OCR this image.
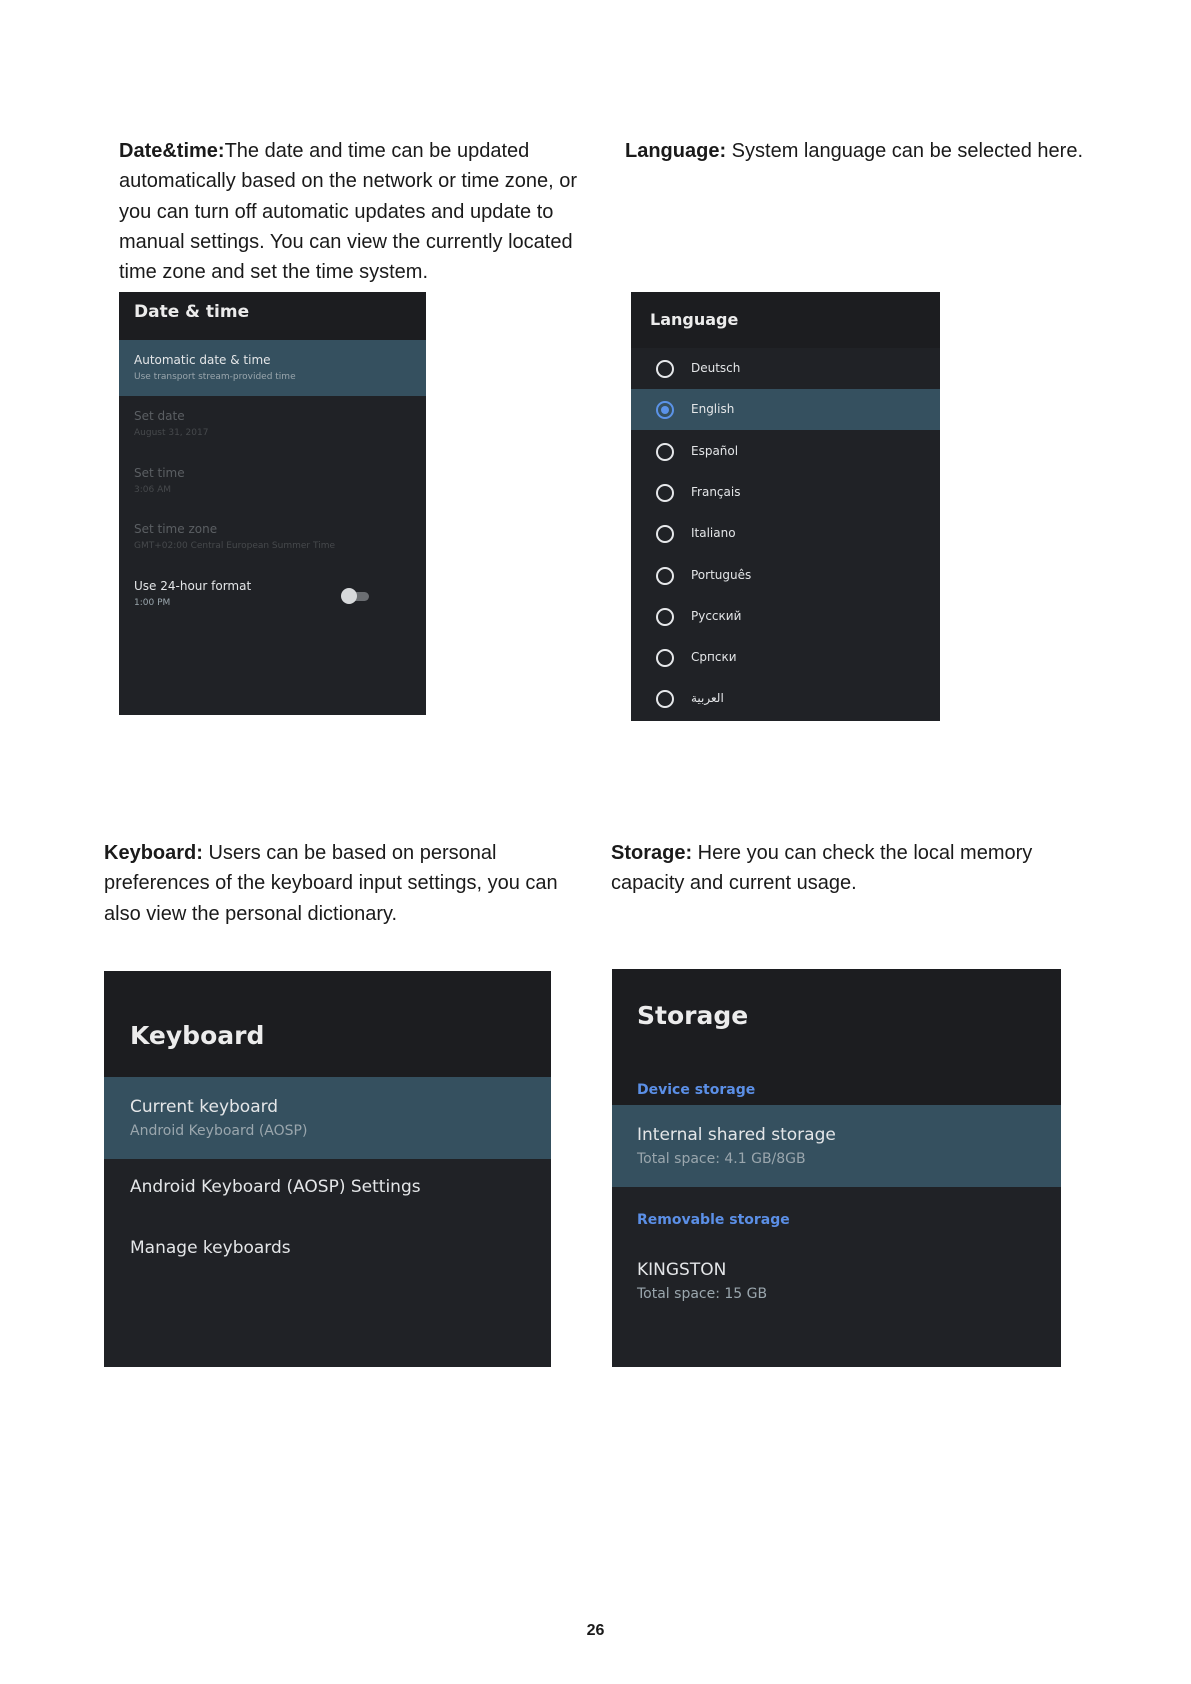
Date&time:The date and time can be updated automatically based on the network or time zone, or you can turn off automatic updates and update to manual settings. You can view the currently located time zone and set the time system.

Language: System language can be selected here.

Keyboard: Users can be based on personal preferences of the keyboard input settings, you can also view the personal dictionary.

Storage: Here you can check the local memory capacity and current usage.

Date & time
Automatic date & time
Use transport stream-provided time
Set date
August 31, 2017
Set time
3:06 AM
Set time zone
GMT+02:00 Central European Summer Time
Use 24-hour format
1:00 PM
Language
Deutsch
English
Español
Français
Italiano
Português
Русский
Српски
العربية
Keyboard
Current keyboard
Android Keyboard (AOSP)
Android Keyboard (AOSP) Settings
Manage keyboards
Storage
Device storage
Internal shared storage
Total space: 4.1 GB/8GB
Removable storage
KINGSTON
Total space: 15 GB
26
